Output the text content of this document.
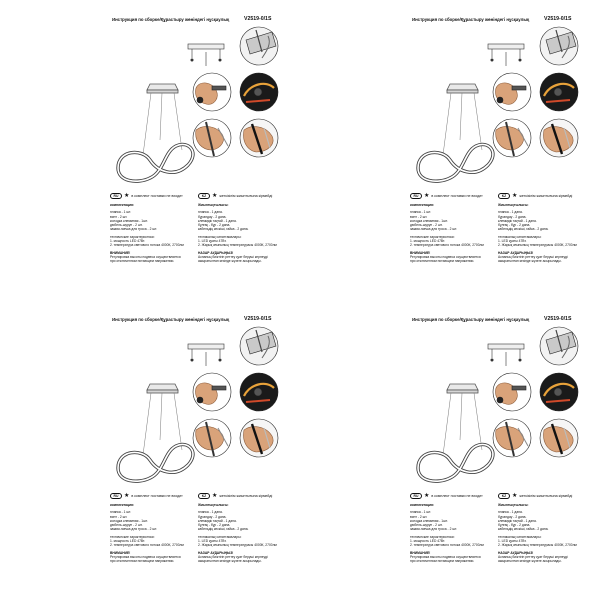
Инструкция по сборке/Құрастыру жөніндегі нұсқаулық	V2519-0/1S
RU ★ в комплект поставки не входит	KZ ★ жеткізілім жиынтығына кірмейді
комплектация:
планка - 1 шт.
винт - 2 шт.
колодка клеммная - 1шт.
дюбель-шуруп - 2 шт.
зажим-гаечка для троса - 2 шт.
технические характеристики:
1. мощность LED 47Вт.
2. температура светового потока 4000К, 2700лм
ВНИМАНИЕ!
Регулировка высоты подвеса осуществляется
при отключенном питающем напряжении.
Жиынтықтылығы:
планка - 1 дана.
бұрандау - 2 дана.
клеммдік тақтай - 1 дана.
бұлғақ - бұр - 2 дана.
кабельдің кескіші, гайка - 2 дана.
техникалық сипаттамалары:
1. LED қуаты 47Вт.
2. Жарық ағынының температурасы 4000К, 2700лм
НАЗАР АУДАРЫҢЫЗ!
Аспаның биіктігін реттеу қуат беруші кернеуді
ажыратылған кезінде жүзеге асырылады.
Инструкция по сборке/Құрастыру жөніндегі нұсқаулық	V2519-0/1S
RU ★ в комплект поставки не входит	KZ ★ жеткізілім жиынтығына кірмейді
комплектация:
планка - 1 шт.
винт - 2 шт.
колодка клеммная - 1шт.
дюбель-шуруп - 2 шт.
зажим-гаечка для троса - 2 шт.
технические характеристики:
1. мощность LED 47Вт.
2. температура светового потока 4000К, 2700лм
ВНИМАНИЕ!
Регулировка высоты подвеса осуществляется
при отключенном питающем напряжении.
Жиынтықтылығы:
планка - 1 дана.
бұрандау - 2 дана.
клеммдік тақтай - 1 дана.
бұлғақ - бұр - 2 дана.
кабельдің кескіші, гайка - 2 дана.
техникалық сипаттамалары:
1. LED қуаты 47Вт.
2. Жарық ағынының температурасы 4000К, 2700лм
НАЗАР АУДАРЫҢЫЗ!
Аспаның биіктігін реттеу қуат беруші кернеуді
ажыратылған кезінде жүзеге асырылады.
Инструкция по сборке/Құрастыру жөніндегі нұсқаулық	V2519-0/1S
RU ★ в комплект поставки не входит	KZ ★ жеткізілім жиынтығына кірмейді
комплектация:
планка - 1 шт.
винт - 2 шт.
колодка клеммная - 1шт.
дюбель-шуруп - 2 шт.
зажим-гаечка для троса - 2 шт.
технические характеристики:
1. мощность LED 47Вт.
2. температура светового потока 4000К, 2700лм
ВНИМАНИЕ!
Регулировка высоты подвеса осуществляется
при отключенном питающем напряжении.
Жиынтықтылығы:
планка - 1 дана.
бұрандау - 2 дана.
клеммдік тақтай - 1 дана.
бұлғақ - бұр - 2 дана.
кабельдің кескіші, гайка - 2 дана.
техникалық сипаттамалары:
1. LED қуаты 47Вт.
2. Жарық ағынының температурасы 4000К, 2700лм
НАЗАР АУДАРЫҢЫЗ!
Аспаның биіктігін реттеу қуат беруші кернеуді
ажыратылған кезінде жүзеге асырылады.
Инструкция по сборке/Құрастыру жөніндегі нұсқаулық	V2519-0/1S
RU ★ в комплект поставки не входит	KZ ★ жеткізілім жиынтығына кірмейді
комплектация:
планка - 1 шт.
винт - 2 шт.
колодка клеммная - 1шт.
дюбель-шуруп - 2 шт.
зажим-гаечка для троса - 2 шт.
технические характеристики:
1. мощность LED 47Вт.
2. температура светового потока 4000К, 2700лм
ВНИМАНИЕ!
Регулировка высоты подвеса осуществляется
при отключенном питающем напряжении.
Жиынтықтылығы:
планка - 1 дана.
бұрандау - 2 дана.
клеммдік тақтай - 1 дана.
бұлғақ - бұр - 2 дана.
кабельдің кескіші, гайка - 2 дана.
техникалық сипаттамалары:
1. LED қуаты 47Вт.
2. Жарық ағынының температурасы 4000К, 2700лм
НАЗАР АУДАРЫҢЫЗ!
Аспаның биіктігін реттеу қуат беруші кернеуді
ажыратылған кезінде жүзеге асырылады.
